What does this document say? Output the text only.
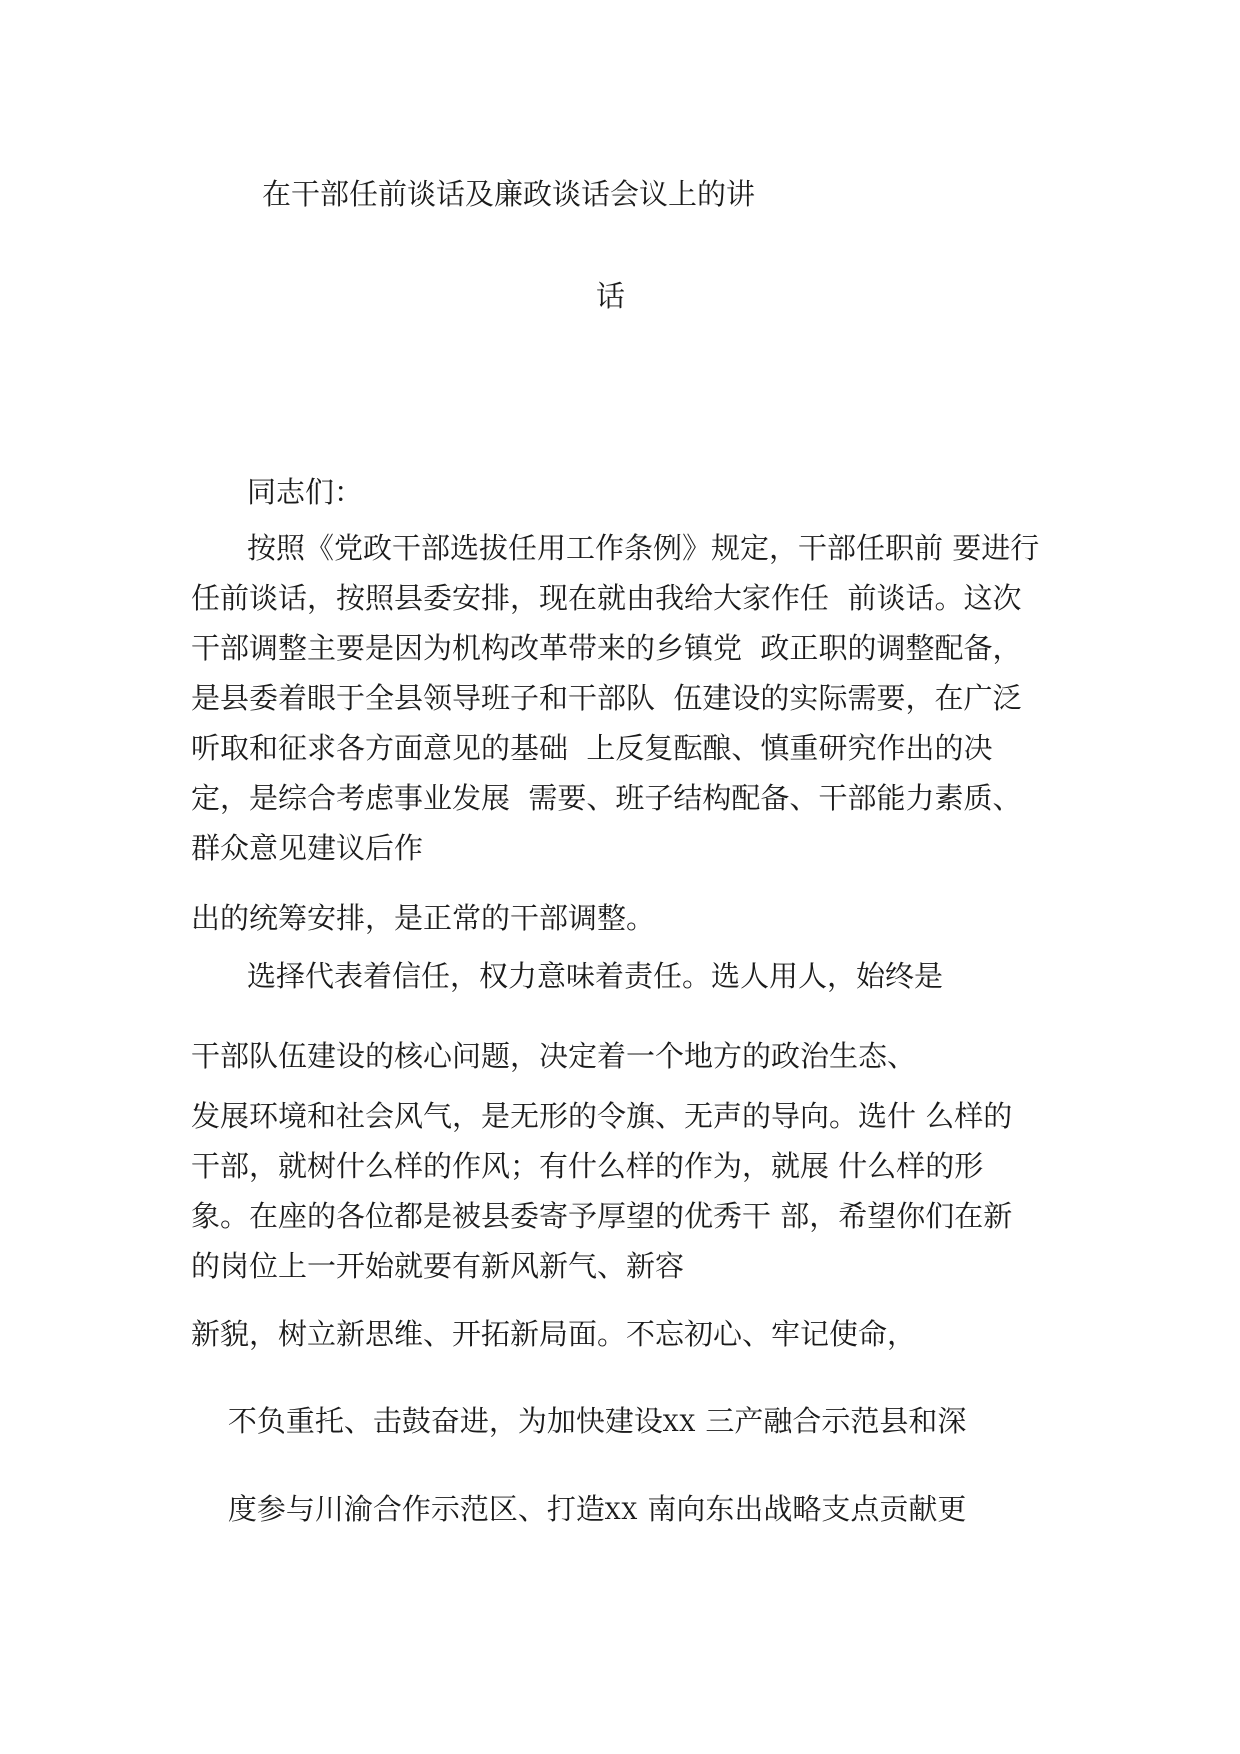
在干部任前谈话及廉政谈话会议上的讲
话
同志们：
按照《党政干部选拔任用工作条例》规定，干部任职前 要进行
任前谈话，按照县委安排，现在就由我给大家作任  前谈话。这次
干部调整主要是因为机构改革带来的乡镇党  政正职的调整配备，
是县委着眼于全县领导班子和干部队  伍建设的实际需要，在广泛
听取和征求各方面意见的基础  上反复酝酿、慎重研究作出的决
定，是综合考虑事业发展  需要、班子结构配备、干部能力素质、
群众意见建议后作
出的统筹安排，是正常的干部调整。
选择代表着信任，权力意味着责任。选人用人，始终是
干部队伍建设的核心问题，决定着一个地方的政治生态、
发展环境和社会风气，是无形的令旗、无声的导向。选什 么样的
干部，就树什么样的作风；有什么样的作为，就展 什么样的形
象。在座的各位都是被县委寄予厚望的优秀干 部，希望你们在新
的岗位上一开始就要有新风新气、新容
新貌，树立新思维、开拓新局面。不忘初心、牢记使命，

不负重托、击鼓奋进，为加快建设XX 三产融合示范县和深

度参与川渝合作示范区、打造XX 南向东出战略支点贡献更
